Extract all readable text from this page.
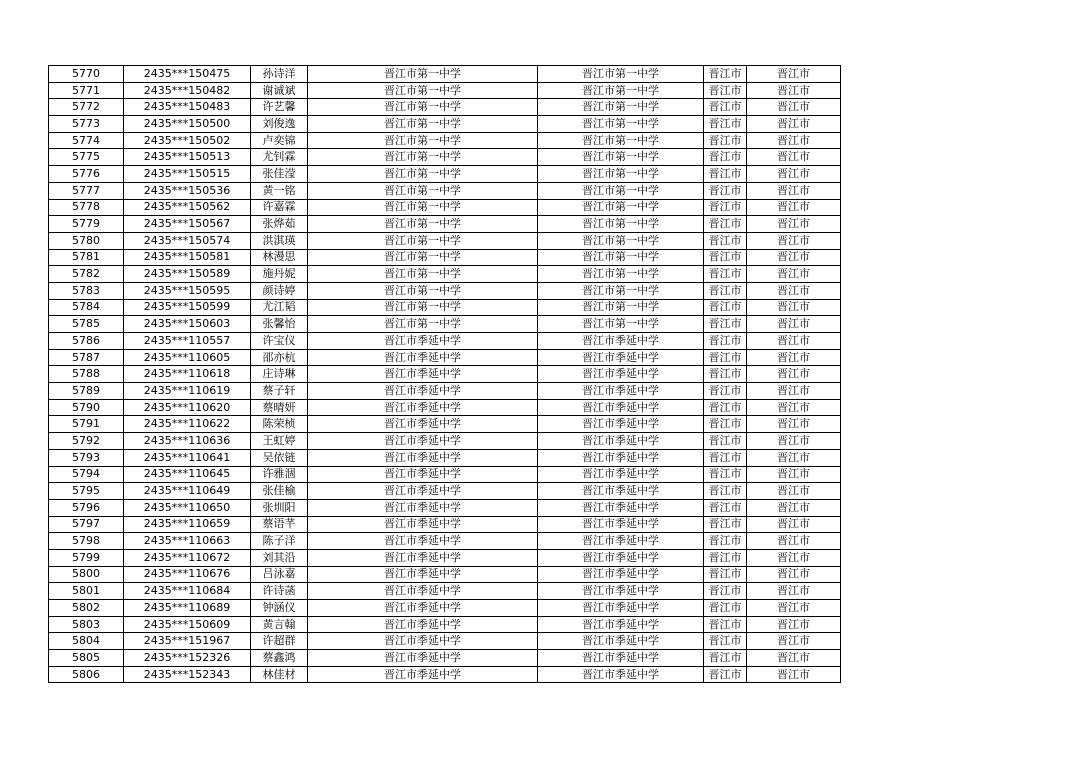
5770	2435***150475	孙诗洋	晋江市第一中学	晋江市第一中学	晋江市	晋江市
5771	2435***150482	谢诚斌	晋江市第一中学	晋江市第一中学	晋江市	晋江市
5772	2435***150483	许艺馨	晋江市第一中学	晋江市第一中学	晋江市	晋江市
5773	2435***150500	刘俊逸	晋江市第一中学	晋江市第一中学	晋江市	晋江市
5774	2435***150502	卢奕锦	晋江市第一中学	晋江市第一中学	晋江市	晋江市
5775	2435***150513	尤钊霖	晋江市第一中学	晋江市第一中学	晋江市	晋江市
5776	2435***150515	张佳滢	晋江市第一中学	晋江市第一中学	晋江市	晋江市
5777	2435***150536	黄一铭	晋江市第一中学	晋江市第一中学	晋江市	晋江市
5778	2435***150562	许嘉霖	晋江市第一中学	晋江市第一中学	晋江市	晋江市
5779	2435***150567	张烨茹	晋江市第一中学	晋江市第一中学	晋江市	晋江市
5780	2435***150574	洪淇瑛	晋江市第一中学	晋江市第一中学	晋江市	晋江市
5781	2435***150581	林漫思	晋江市第一中学	晋江市第一中学	晋江市	晋江市
5782	2435***150589	施丹妮	晋江市第一中学	晋江市第一中学	晋江市	晋江市
5783	2435***150595	颜诗婷	晋江市第一中学	晋江市第一中学	晋江市	晋江市
5784	2435***150599	尤江韬	晋江市第一中学	晋江市第一中学	晋江市	晋江市
5785	2435***150603	张馨怡	晋江市第一中学	晋江市第一中学	晋江市	晋江市
5786	2435***110557	许宝仪	晋江市季延中学	晋江市季延中学	晋江市	晋江市
5787	2435***110605	邵亦杭	晋江市季延中学	晋江市季延中学	晋江市	晋江市
5788	2435***110618	庄诗琳	晋江市季延中学	晋江市季延中学	晋江市	晋江市
5789	2435***110619	蔡子轩	晋江市季延中学	晋江市季延中学	晋江市	晋江市
5790	2435***110620	蔡晴妍	晋江市季延中学	晋江市季延中学	晋江市	晋江市
5791	2435***110622	陈荣桢	晋江市季延中学	晋江市季延中学	晋江市	晋江市
5792	2435***110636	王虹婷	晋江市季延中学	晋江市季延中学	晋江市	晋江市
5793	2435***110641	吴依链	晋江市季延中学	晋江市季延中学	晋江市	晋江市
5794	2435***110645	许雅涸	晋江市季延中学	晋江市季延中学	晋江市	晋江市
5795	2435***110649	张佳榆	晋江市季延中学	晋江市季延中学	晋江市	晋江市
5796	2435***110650	张圳阳	晋江市季延中学	晋江市季延中学	晋江市	晋江市
5797	2435***110659	蔡语芊	晋江市季延中学	晋江市季延中学	晋江市	晋江市
5798	2435***110663	陈子洋	晋江市季延中学	晋江市季延中学	晋江市	晋江市
5799	2435***110672	刘其沿	晋江市季延中学	晋江市季延中学	晋江市	晋江市
5800	2435***110676	吕泳嘉	晋江市季延中学	晋江市季延中学	晋江市	晋江市
5801	2435***110684	许诗菡	晋江市季延中学	晋江市季延中学	晋江市	晋江市
5802	2435***110689	钟涵仪	晋江市季延中学	晋江市季延中学	晋江市	晋江市
5803	2435***150609	黄言翰	晋江市季延中学	晋江市季延中学	晋江市	晋江市
5804	2435***151967	许超群	晋江市季延中学	晋江市季延中学	晋江市	晋江市
5805	2435***152326	蔡鑫鸿	晋江市季延中学	晋江市季延中学	晋江市	晋江市
5806	2435***152343	林佳材	晋江市季延中学	晋江市季延中学	晋江市	晋江市
